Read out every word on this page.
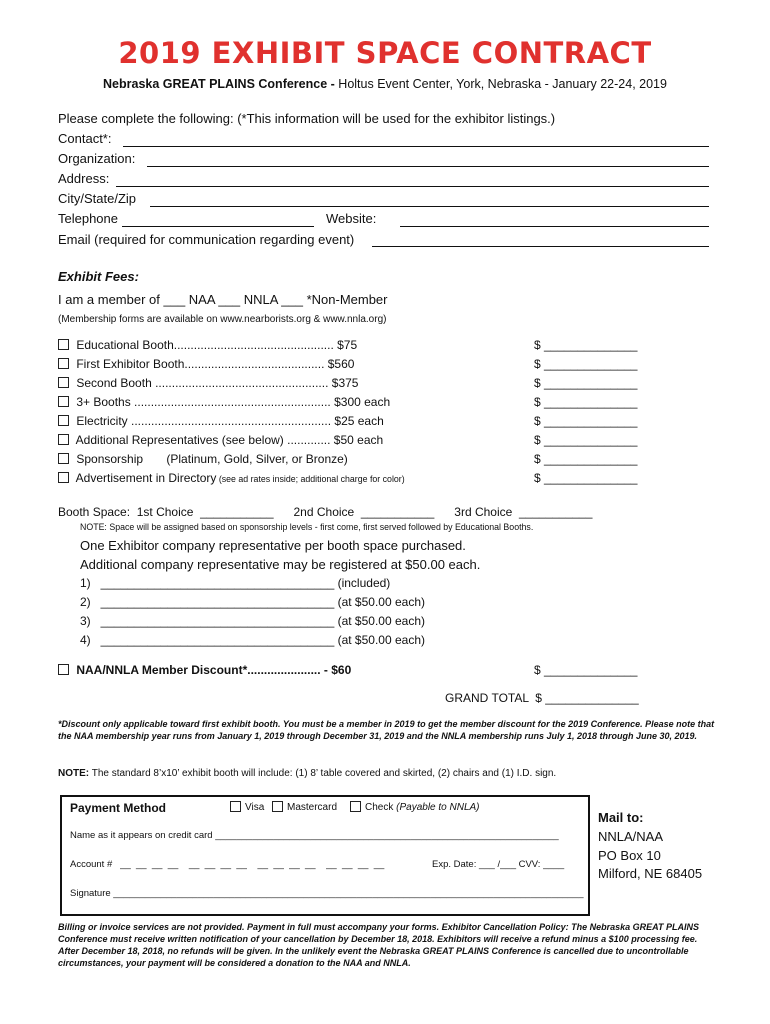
2019 EXHIBIT SPACE CONTRACT
Nebraska GREAT PLAINS Conference - Holtus Event Center, York, Nebraska - January 22-24, 2019
Please complete the following: (*This information will be used for the exhibitor listings.)
Contact*:
Organization:
Address:
City/State/Zip
Telephone	Website:
Email (required for communication regarding event)
Exhibit Fees:
I am a member of ___ NAA ___ NNLA ___ *Non-Member
(Membership forms are available on www.nearborists.org & www.nnla.org)
Educational Booth................................................ $75	$ ______________
First Exhibitor Booth.......................................... $560	$ ______________
Second Booth .................................................... $375	$ ______________
3+ Booths ........................................................... $300 each	$ ______________
Electricity ............................................................ $25 each	$ ______________
Additional Representatives (see below) ............. $50 each	$ ______________
Sponsorship       (Platinum, Gold, Silver, or Bronze)	$ ______________
Advertisement in Directory (see ad rates inside; additional charge for color)	$ ______________
Booth Space:  1st Choice  ___________      2nd Choice  ___________      3rd Choice  ___________
NOTE: Space will be assigned based on sponsorship levels - first come, first served followed by Educational Booths.
One Exhibitor company representative per booth space purchased.
Additional company representative may be registered at $50.00 each.
1)   ___________________________________ (included)
2)   ___________________________________ (at $50.00 each)
3)   ___________________________________ (at $50.00 each)
4)   ___________________________________ (at $50.00 each)
NAA/NNLA Member Discount*...................... - $60	$ ______________
GRAND TOTAL  $ ______________
*Discount only applicable toward first exhibit booth. You must be a member in 2019 to get the member discount for the 2019 Conference. Please note that the NAA membership year runs from January 1, 2019 through December 31, 2019 and the NNLA membership runs July 1, 2018 through June 30, 2019.
NOTE: The standard 8’x10’ exhibit booth will include: (1) 8’ table covered and skirted, (2) chairs and (1) I.D. sign.
Payment Method	Visa	Mastercard	Check (Payable to NNLA)
Name as it appears on credit card _________________________________________________________________
Account #   __  __  __  __    __  __  __  __    __  __  __  __    __  __  __  __	Exp. Date: ___ /___ CVV: ____
Signature _________________________________________________________________________________________
Mail to:
NNLA/NAA
PO Box 10
Milford, NE 68405
Billing or invoice services are not provided. Payment in full must accompany your forms. Exhibitor Cancellation Policy: The Nebraska GREAT PLAINS Conference must receive written notification of your cancellation by December 18, 2018. Exhibitors will receive a refund minus a $100 processing fee. After December 18, 2018, no refunds will be given. In the unlikely event the Nebraska GREAT PLAINS Conference is cancelled due to uncontrollable circumstances, your payment will be considered a donation to the NAA and NNLA.
